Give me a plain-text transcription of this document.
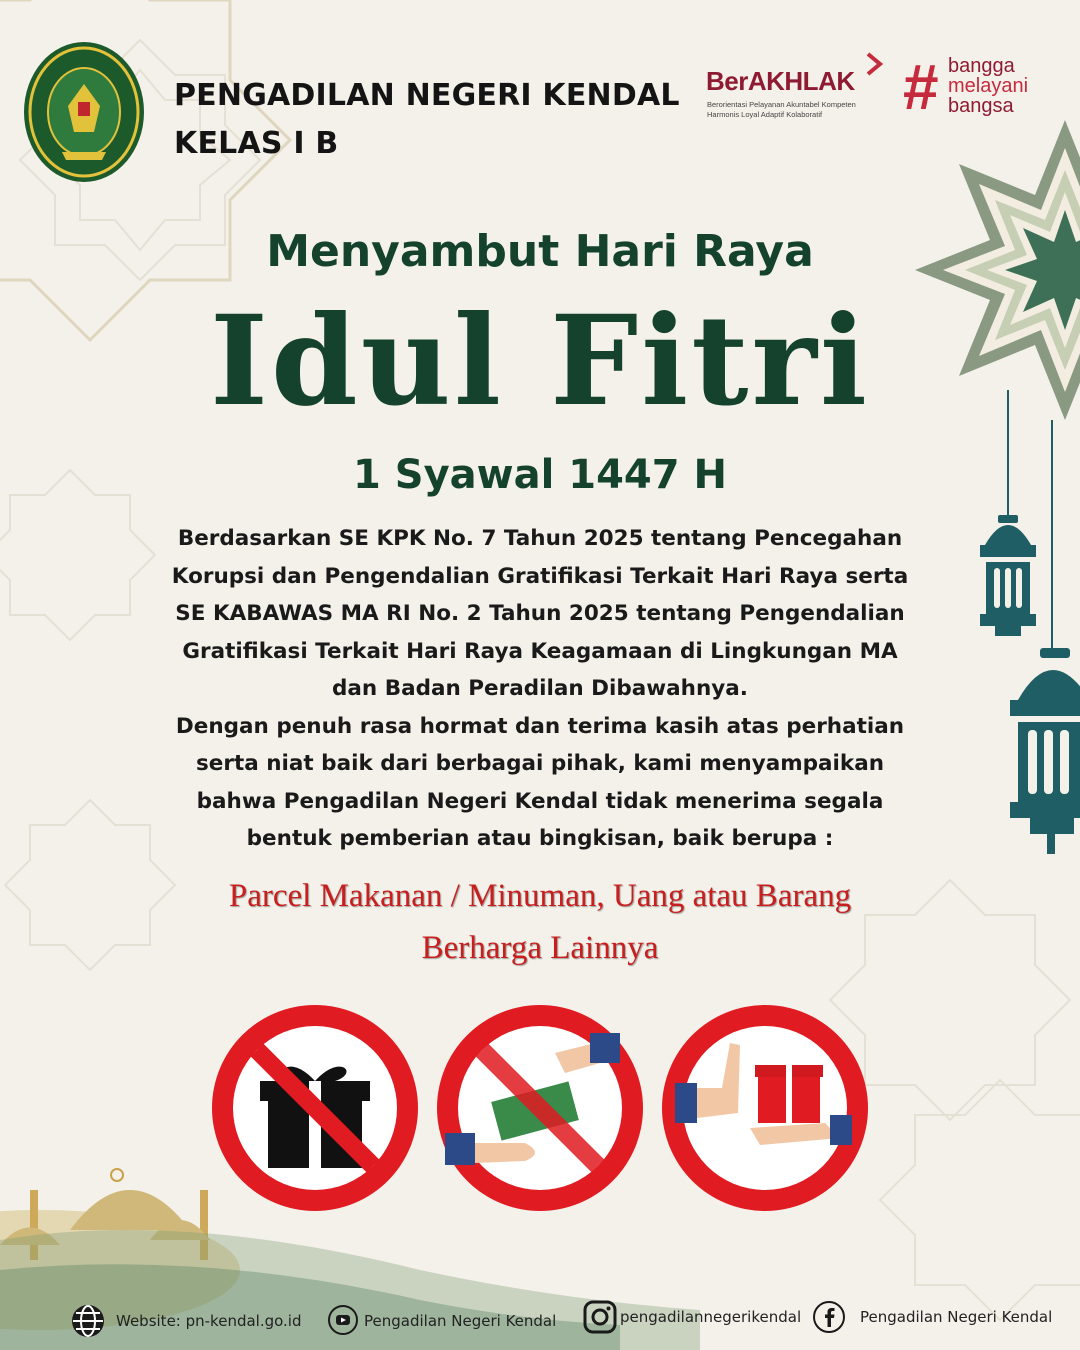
PENGADILAN NEGERI KENDAL
KELAS I B
BerAKHLAK
Berorientasi Pelayanan Akuntabel Kompeten
Harmonis Loyal Adaptif Kolaboratif # bangga
melayani
bangsa
Menyambut Hari Raya
Idul Fitri
1 Syawal 1447 H
Berdasarkan SE KPK No. 7 Tahun 2025 tentang Pencegahan
Korupsi dan Pengendalian Gratifikasi Terkait Hari Raya serta
SE KABAWAS MA RI No. 2 Tahun 2025 tentang Pengendalian
Gratifikasi Terkait Hari Raya Keagamaan di Lingkungan MA
dan Badan Peradilan Dibawahnya.
Dengan penuh rasa hormat dan terima kasih atas perhatian
serta niat baik dari berbagai pihak, kami menyampaikan
bahwa Pengadilan Negeri Kendal tidak menerima segala
bentuk pemberian atau bingkisan, baik berupa :
Parcel Makanan / Minuman, Uang atau Barang
Berharga Lainnya
Website: pn-kendal.go.id	Pengadilan Negeri Kendal	pengadilannegerikendal	Pengadilan Negeri Kendal
